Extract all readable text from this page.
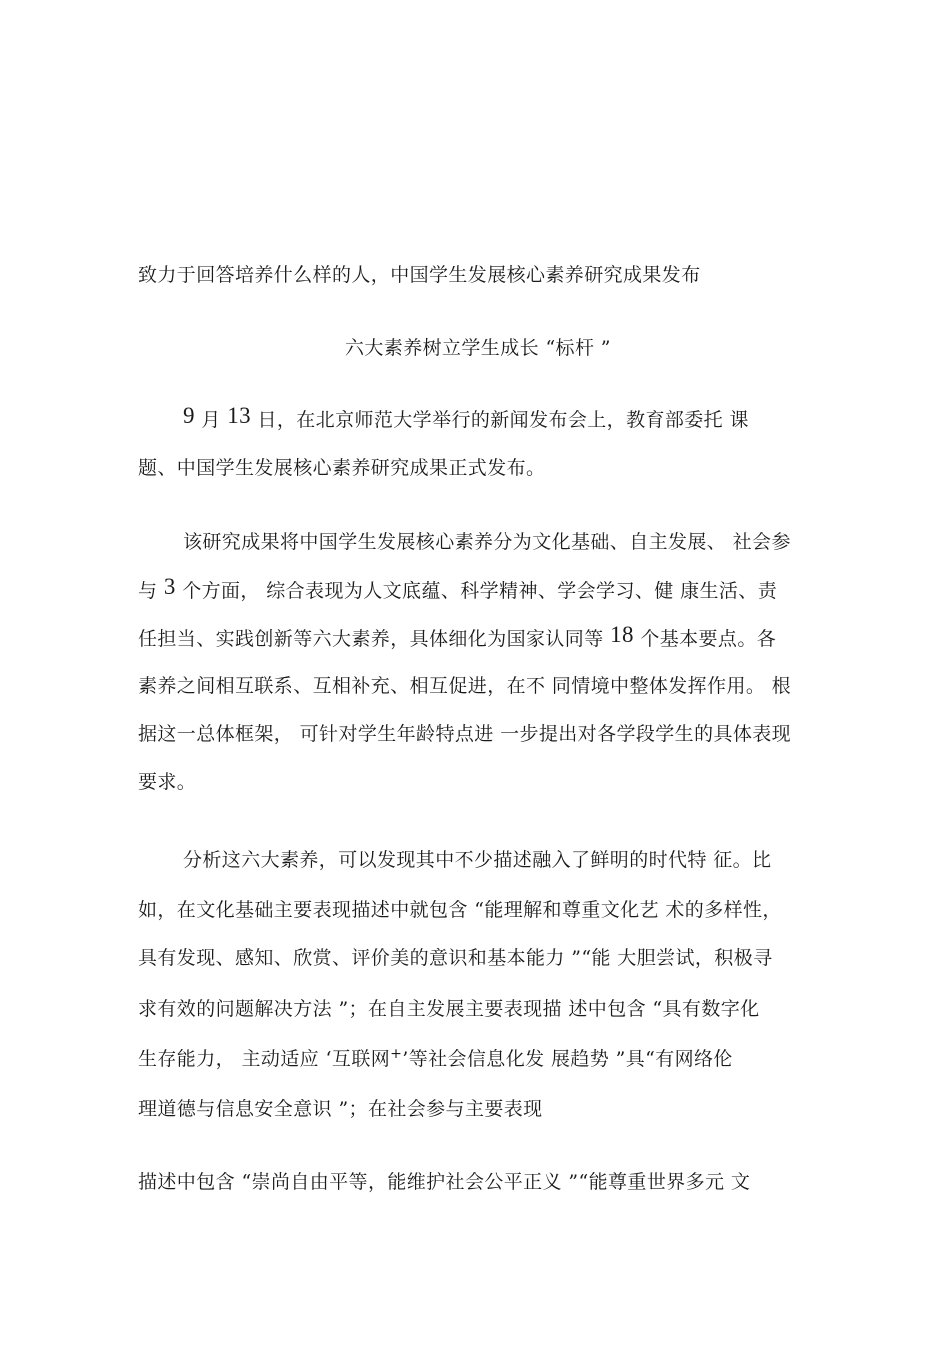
致力于回答培养什么样的人，中国学生发展核心素养研究成果发布
六大素养树立学生成长 “标杆 ”
9 月 13 日，在北京师范大学举行的新闻发布会上，教育部委托 课
题、中国学生发展核心素养研究成果正式发布。
该研究成果将中国学生发展核心素养分为文化基础、自主发展、 社会参
与 3 个方面， 综合表现为人文底蕴、科学精神、学会学习、健 康生活、责
任担当、实践创新等六大素养，具体细化为国家认同等 18 个基本要点。各
素养之间相互联系、互相补充、相互促进，在不 同情境中整体发挥作用。 根
据这一总体框架， 可针对学生年龄特点进 一步提出对各学段学生的具体表现
要求。
分析这六大素养，可以发现其中不少描述融入了鲜明的时代特 征。比
如，在文化基础主要表现描述中就包含 “能理解和尊重文化艺 术的多样性，
具有发现、感知、欣赏、评价美的意识和基本能力 ”“能 大胆尝试，积极寻
求有效的问题解决方法 ”；在自主发展主要表现描 述中包含 “具有数字化
生存能力， 主动适应 ‘互联网+’等社会信息化发 展趋势 ”具“有网络伦
理道德与信息安全意识 ”；在社会参与主要表现
描述中包含 “崇尚自由平等，能维护社会公平正义 ”“能尊重世界多元 文
